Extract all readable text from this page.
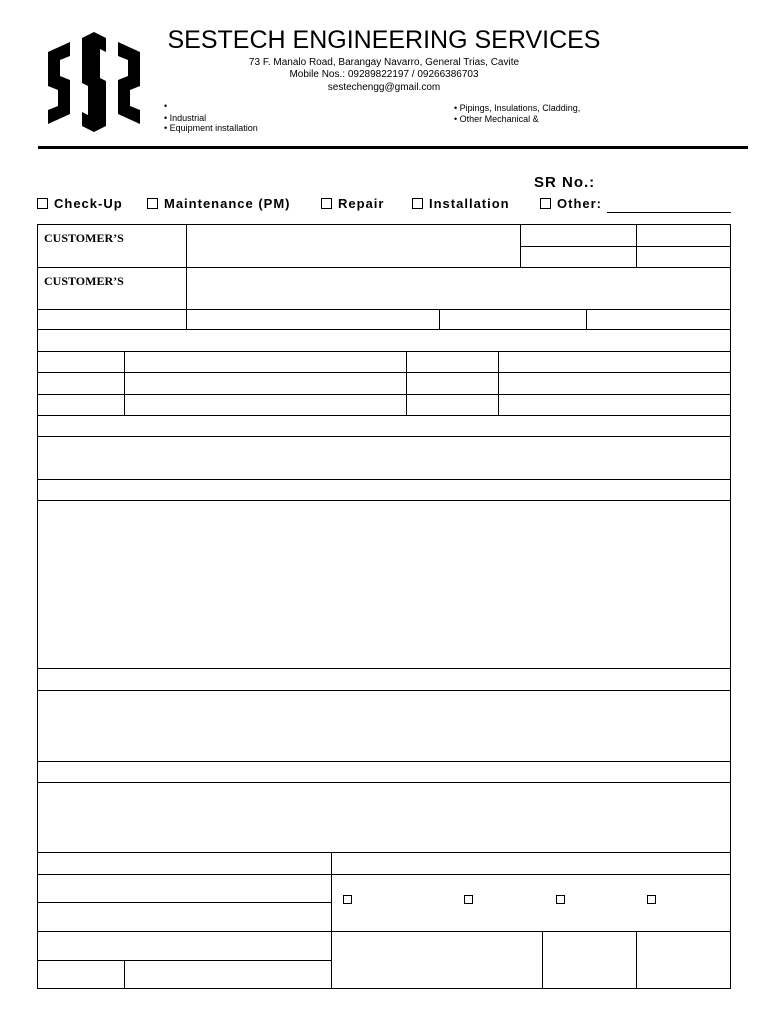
SESTECH ENGINEERING SERVICES
73 F. Manalo Road, Barangay Navarro, General Trias, Cavite
Mobile Nos.: 09289822197 / 09266386703
sestechengg@gmail.com
•
• Industrial
• Equipment installation
• Pipings, Insulations, Cladding,
• Other Mechanical &
SR No.:
Check-Up	Maintenance (PM)	Repair	Installation	Other:
CUSTOMER’S
CUSTOMER’S
